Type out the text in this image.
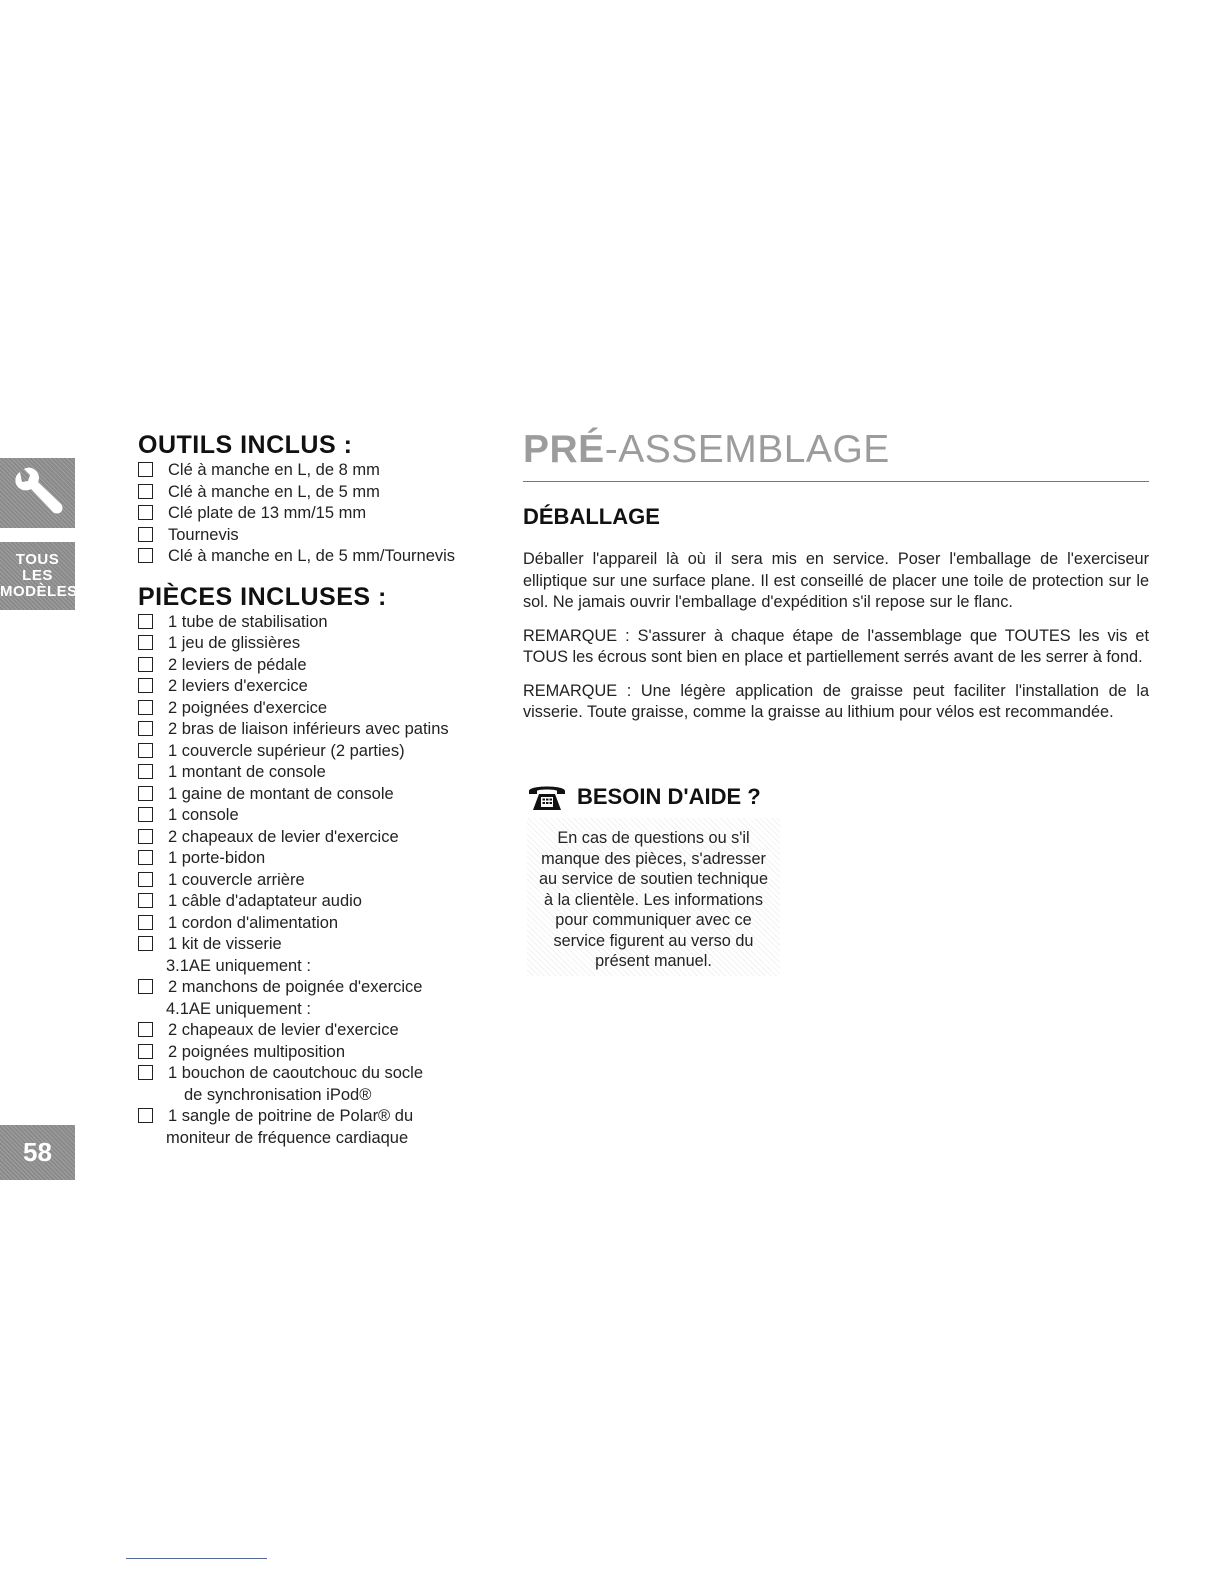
TOUS
LES
MODÈLES
58
OUTILS INCLUS :
Clé à manche en L, de 8 mm
Clé à manche en L, de 5 mm
Clé plate de 13 mm/15 mm
Tournevis
Clé à manche en L, de 5 mm/Tournevis
PIÈCES INCLUSES :
1 tube de stabilisation
1 jeu de glissières
2 leviers de pédale
2 leviers d'exercice
2 poignées d'exercice
2 bras de liaison inférieurs avec patins
1 couvercle supérieur (2 parties)
1 montant de console
1 gaine de montant de console
1 console
2 chapeaux de levier d'exercice
1 porte-bidon
1 couvercle arrière
1 câble d'adaptateur audio
1 cordon d'alimentation
1 kit de visserie
3.1AE uniquement :
2 manchons de poignée d'exercice
4.1AE uniquement :
2 chapeaux de levier d'exercice
2 poignées multiposition
1 bouchon de caoutchouc du socle
de synchronisation iPod®
1 sangle de poitrine de Polar® du
moniteur de fréquence cardiaque
PRÉ-ASSEMBLAGE
DÉBALLAGE

Déballer l'appareil là où il sera mis en service. Poser l'emballage de l'exerciseur elliptique sur une surface plane. Il est conseillé de placer une toile de protection sur le sol. Ne jamais ouvrir l'emballage d'expédition s'il repose sur le flanc.

REMARQUE : S'assurer à chaque étape de l'assemblage que TOUTES les vis et TOUS les écrous sont bien en place et partiellement serrés avant de les serrer à fond.

REMARQUE : Une légère application de graisse peut faciliter l'installation de la visserie. Toute graisse, comme la graisse au lithium pour vélos est recommandée.

BESOIN D'AIDE ?
En cas de questions ou s'il
manque des pièces, s'adresser
au service de soutien technique
à la clientèle. Les informations
pour communiquer avec ce
service figurent au verso du
présent manuel.
